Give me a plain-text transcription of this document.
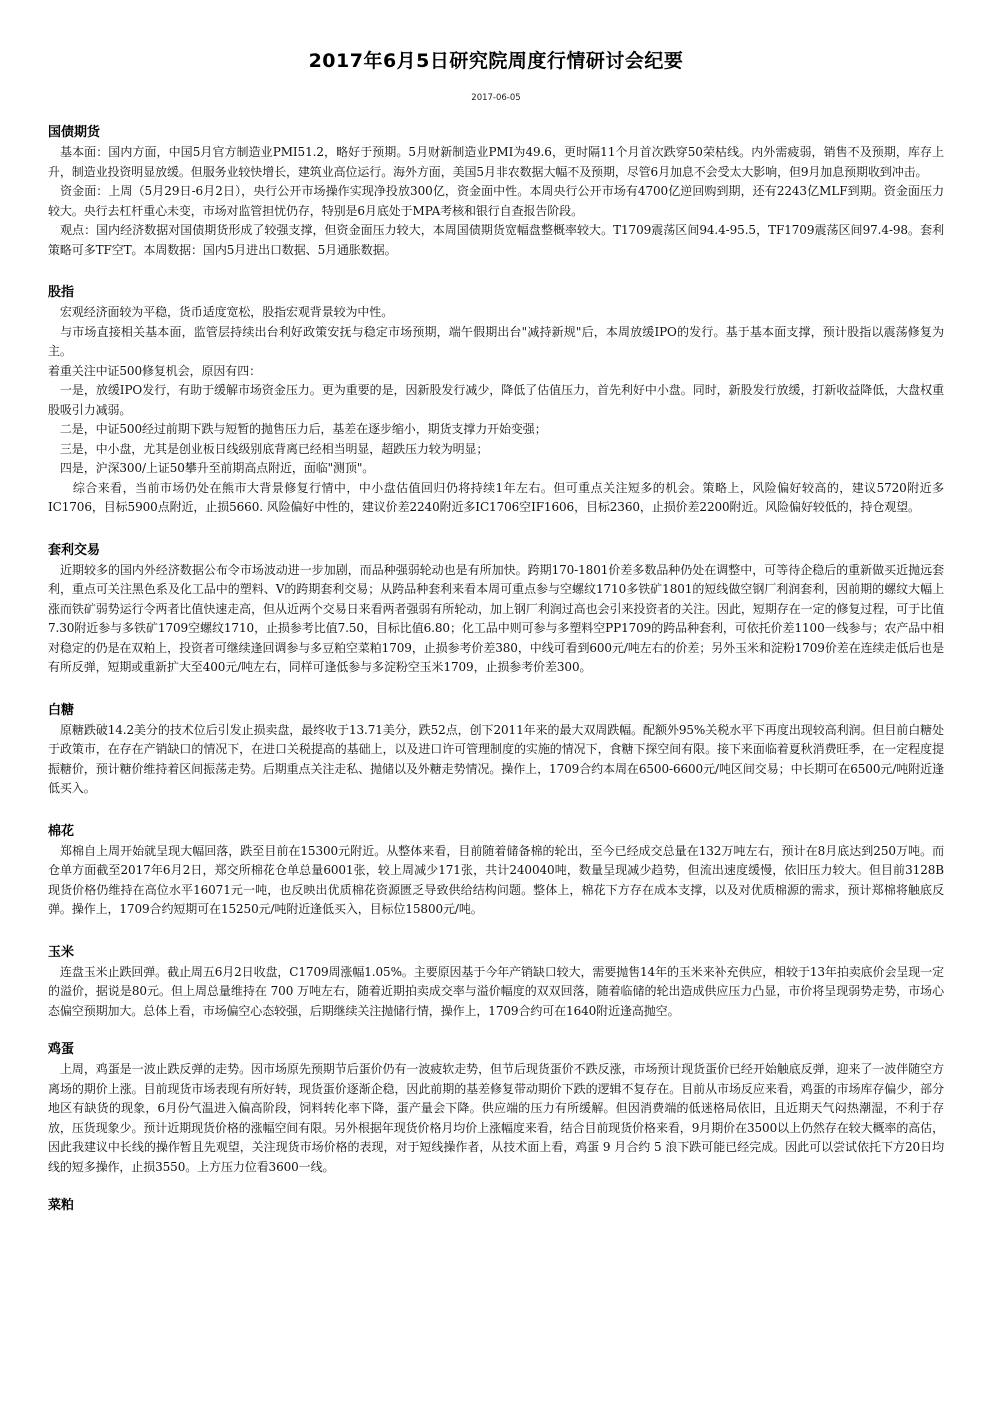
2017年6月5日研究院周度行情研讨会纪要
2017-06-05
国债期货

　基本面：国内方面，中国5月官方制造业PMI51.2，略好于预期。5月财新制造业PMI为49.6，更时隔11个月首次跌穿50荣枯线。内外需疲弱，销售不及预期，库存上升，制造业投资明显放缓。但服务业较快增长，建筑业高位运行。海外方面，美国5月非农数据大幅不及预期，尽管6月加息不会受太大影响，但9月加息预期收到冲击。

　资金面：上周（5月29日-6月2日），央行公开市场操作实现净投放300亿，资金面中性。本周央行公开市场有4700亿逆回购到期，还有2243亿MLF到期。资金面压力较大。央行去杠杆重心未变，市场对监管担忧仍存，特别是6月底处于MPA考核和银行自查报告阶段。

　观点：国内经济数据对国债期货形成了较强支撑，但资金面压力较大，本周国债期货宽幅盘整概率较大。T1709震荡区间94.4-95.5，TF1709震荡区间97.4-98。套利策略可多TF空T。本周数据：国内5月进出口数据、5月通胀数据。

股指

　宏观经济面较为平稳，货币适度宽松，股指宏观背景较为中性。

　与市场直接相关基本面，监管层持续出台利好政策安抚与稳定市场预期，端午假期出台"减持新规"后，本周放缓IPO的发行。基于基本面支撑，预计股指以震荡修复为主。

着重关注中证500修复机会，原因有四：

　一是，放缓IPO发行，有助于缓解市场资金压力。更为重要的是，因新股发行减少，降低了估值压力，首先利好中小盘。同时，新股发行放缓，打新收益降低，大盘权重股吸引力减弱。

　二是，中证500经过前期下跌与短暂的抛售压力后，基差在逐步缩小，期货支撑力开始变强；

　三是，中小盘，尤其是创业板日线级别底背离已经相当明显，超跌压力较为明显；

　四是，沪深300/上证50攀升至前期高点附近，面临"测顶"。

　　综合来看，当前市场仍处在熊市大背景修复行情中，中小盘估值回归仍将持续1年左右。但可重点关注短多的机会。策略上，风险偏好较高的，建议5720附近多IC1706，目标5900点附近，止损5660. 风险偏好中性的，建议价差2240附近多IC1706空IF1606，目标2360，止损价差2200附近。风险偏好较低的，持仓观望。

套利交易

　近期较多的国内外经济数据公布令市场波动进一步加剧，而品种强弱轮动也是有所加快。跨期170-1801价差多数品种仍处在调整中，可等待企稳后的重新做买近抛远套利，重点可关注黑色系及化工品中的塑料、V的跨期套利交易；从跨品种套利来看本周可重点参与空螺纹1710多铁矿1801的短线做空钢厂利润套利，因前期的螺纹大幅上涨而铁矿弱势运行令两者比值快速走高，但从近两个交易日来看两者强弱有所轮动，加上钢厂利润过高也会引来投资者的关注。因此，短期存在一定的修复过程，可于比值7.30附近参与多铁矿1709空螺纹1710，止损参考比值7.50，目标比值6.80；化工品中则可参与多塑料空PP1709的跨品种套利，可依托价差1100一线参与；农产品中相对稳定的仍是在双粕上，投资者可继续逢回调参与多豆粕空菜粕1709，止损参考价差380，中线可看到600元/吨左右的价差；另外玉米和淀粉1709价差在连续走低后也是有所反弹，短期或重新扩大至400元/吨左右，同样可逢低参与多淀粉空玉米1709，止损参考价差300。

白糖

　原糖跌破14.2美分的技术位后引发止损卖盘，最终收于13.71美分，跌52点，创下2011年来的最大双周跌幅。配额外95%关税水平下再度出现较高利润。但目前白糖处于政策市，在存在产销缺口的情况下，在进口关税提高的基础上，以及进口许可管理制度的实施的情况下，食糖下探空间有限。接下来面临着夏秋消费旺季，在一定程度提振糖价，预计糖价维持着区间振荡走势。后期重点关注走私、抛储以及外糖走势情况。操作上，1709合约本周在6500-6600元/吨区间交易；中长期可在6500元/吨附近逢低买入。

棉花

　郑棉自上周开始就呈现大幅回落，跌至目前在15300元附近。从整体来看，目前随着储备棉的轮出，至今已经成交总量在132万吨左右，预计在8月底达到250万吨。而仓单方面截至2017年6月2日，郑交所棉花仓单总量6001张，较上周减少171张，共计240040吨，数量呈现减少趋势，但流出速度缓慢，依旧压力较大。但目前3128B现货价格仍维持在高位水平16071元一吨，也反映出优质棉花资源匮乏导致供给结构问题。整体上，棉花下方存在成本支撑，以及对优质棉源的需求，预计郑棉将触底反弹。操作上，1709合约短期可在15250元/吨附近逢低买入，目标位15800元/吨。

玉米

　连盘玉米止跌回弹。截止周五6月2日收盘，C1709周涨幅1.05%。主要原因基于今年产销缺口较大，需要抛售14年的玉米来补充供应，相较于13年拍卖底价会呈现一定的溢价，据说是80元。但上周总量维持在 700 万吨左右，随着近期拍卖成交率与溢价幅度的双双回落，随着临储的轮出造成供应压力凸显，市价将呈现弱势走势，市场心态偏空预期加大。总体上看，市场偏空心态较强，后期继续关注抛储行情，操作上，1709合约可在1640附近逢高抛空。

鸡蛋

　上周，鸡蛋是一波止跌反弹的走势。因市场原先预期节后蛋价仍有一波疲软走势，但节后现货蛋价不跌反涨，市场预计现货蛋价已经开始触底反弹，迎来了一波伴随空方离场的期价上涨。目前现货市场表现有所好转，现货蛋价逐渐企稳，因此前期的基差修复带动期价下跌的逻辑不复存在。目前从市场反应来看，鸡蛋的市场库存偏少，部分地区有缺货的现象，6月份气温进入偏高阶段，饲料转化率下降，蛋产量会下降。供应端的压力有所缓解。但因消费端的低迷格局依旧，且近期天气闷热潮湿，不利于存放，压货现象少。预计近期现货价格的涨幅空间有限。另外根据年现货价格月均价上涨幅度来看，结合目前现货价格来看，9月期价在3500以上仍然存在较大概率的高估，因此我建议中长线的操作暂且先观望，关注现货市场价格的表现，对于短线操作者，从技术面上看，鸡蛋 9 月合约 5 浪下跌可能已经完成。因此可以尝试依托下方20日均线的短多操作，止损3550。上方压力位看3600一线。

菜粕
